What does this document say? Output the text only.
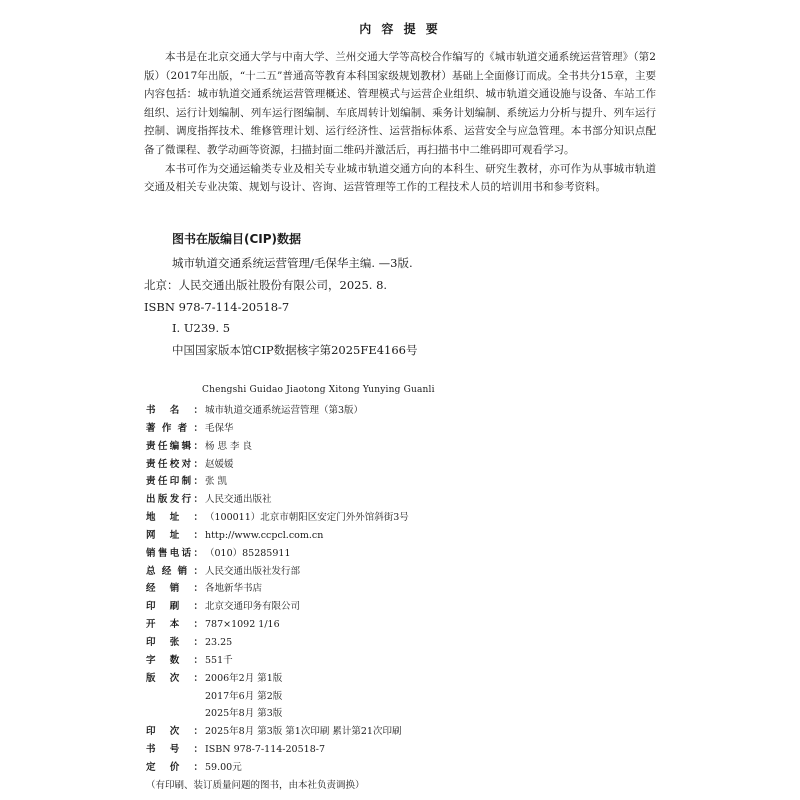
内 容 提 要

本书是在北京交通大学与中南大学、兰州交通大学等高校合作编写的《城市轨道交通系统运营管理》（第2版）（2017年出版，“十二五”普通高等教育本科国家级规划教材）基础上全面修订而成。全书共分15章，主要内容包括：城市轨道交通系统运营管理概述、管理模式与运营企业组织、城市轨道交通设施与设备、车站工作组织、运行计划编制、列车运行图编制、车底周转计划编制、乘务计划编制、系统运力分析与提升、列车运行控制、调度指挥技术、维修管理计划、运行经济性、运营指标体系、运营安全与应急管理。本书部分知识点配备了微课程、教学动画等资源，扫描封面二维码并激活后，再扫描书中二维码即可观看学习。

本书可作为交通运输类专业及相关专业城市轨道交通方向的本科生、研究生教材，亦可作为从事城市轨道交通及相关专业决策、规划与设计、咨询、运营管理等工作的工程技术人员的培训用书和参考资料。

图书在版编目(CIP)数据

城市轨道交通系统运营管理/毛保华主编. —3版.

北京：人民交通出版社股份有限公司，2025. 8.

ISBN 978-7-114-20518-7

Ⅰ. U239. 5

中国国家版本馆CIP数据核字第2025FE4166号

Chengshi Guidao Jiaotong Xitong Yunying Guanli

书名： 城市轨道交通系统运营管理（第3版）
著作者： 毛保华
责任编辑： 杨 思 李 良
责任校对： 赵媛媛
责任印制： 张 凯
出版发行： 人民交通出版社
地址： （100011）北京市朝阳区安定门外外馆斜街3号
网址： http://www.ccpcl.com.cn
销售电话： （010）85285911
总经销： 人民交通出版社发行部
经销： 各地新华书店
印刷： 北京交通印务有限公司
开本： 787×1092 1/16
印张： 23.25
字数： 551千
版次： 2006年2月 第1版
2017年6月 第2版
2025年8月 第3版
印次： 2025年8月 第3版 第1次印刷 累计第21次印刷
书号： ISBN 978-7-114-20518-7
定价： 59.00元

（有印刷、装订质量问题的图书，由本社负责调换）
